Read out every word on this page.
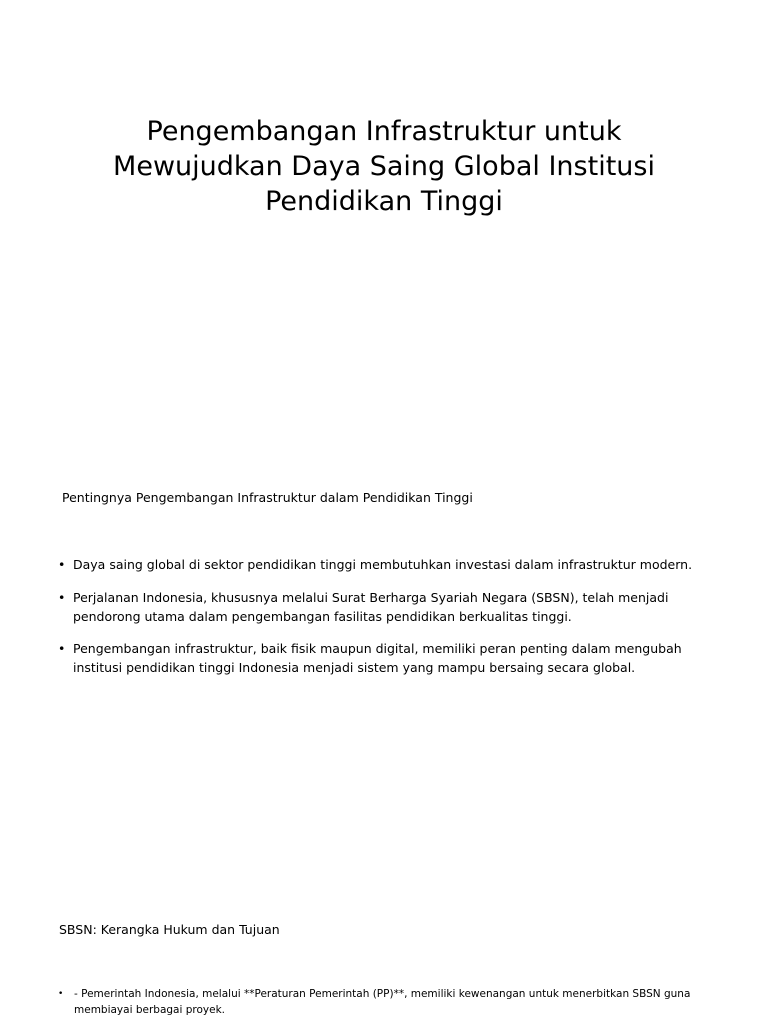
Pengembangan Infrastruktur untuk Mewujudkan Daya Saing Global Institusi Pendidikan Tinggi

Pentingnya Pengembangan Infrastruktur dalam Pendidikan Tinggi

• Daya saing global di sektor pendidikan tinggi membutuhkan investasi dalam infrastruktur modern.
• Perjalanan Indonesia, khususnya melalui Surat Berharga Syariah Negara (SBSN), telah menjadi pendorong utama dalam pengembangan fasilitas pendidikan berkualitas tinggi.
• Pengembangan infrastruktur, baik fisik maupun digital, memiliki peran penting dalam mengubah institusi pendidikan tinggi Indonesia menjadi sistem yang mampu bersaing secara global.

SBSN: Kerangka Hukum dan Tujuan

• - Pemerintah Indonesia, melalui **Peraturan Pemerintah (PP)**, memiliki kewenangan untuk menerbitkan SBSN guna membiayai berbagai proyek.
